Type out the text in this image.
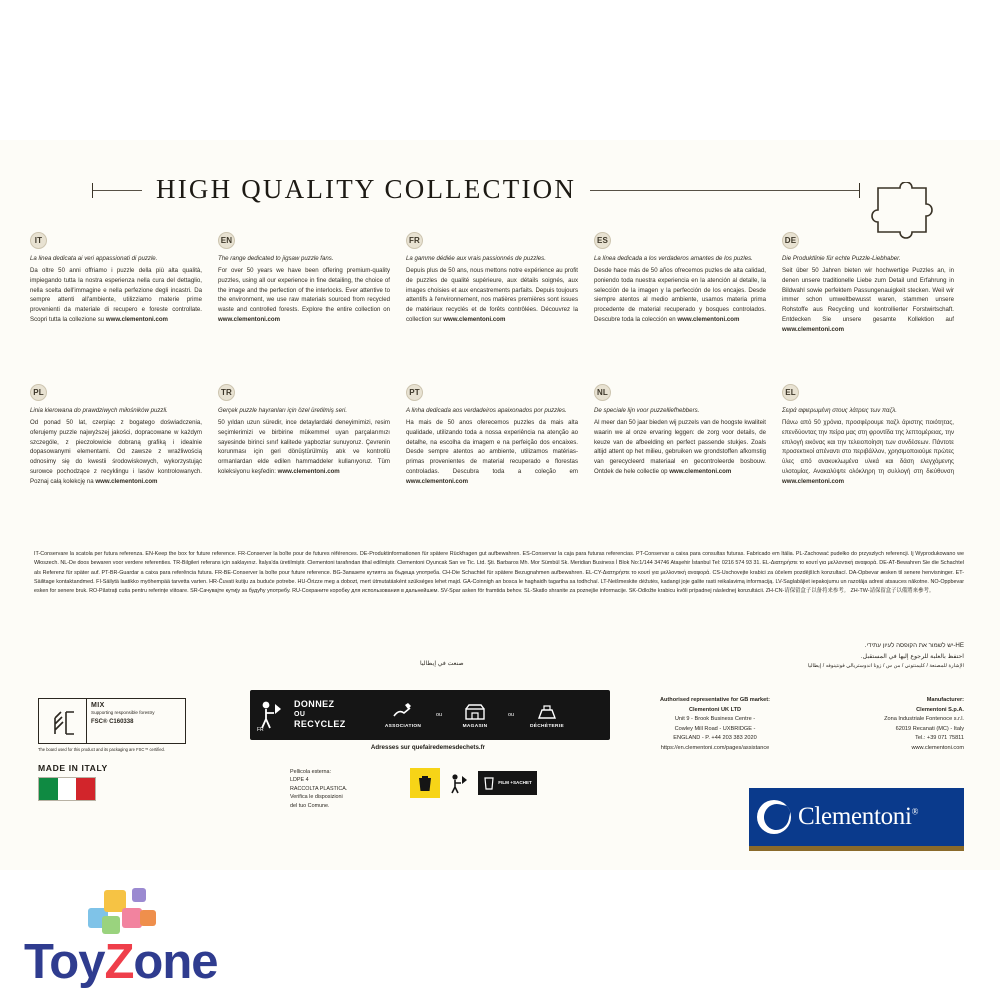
HIGH QUALITY COLLECTION
IT
La linea dedicata ai veri appassionati di puzzle.
Da oltre 50 anni offriamo i puzzle della più alta qualità, impiegando tutta la nostra esperienza nella cura del dettaglio, nella scelta dell'immagine e nella perfezione degli incastri. Da sempre attenti all'ambiente, utilizziamo materie prime provenienti da materiale di recupero e foreste controllate. Scopri tutta la collezione su www.clementoni.com
EN
The range dedicated to jigsaw puzzle fans.
For over 50 years we have been offering premium-quality puzzles, using all our experience in fine detailing, the choice of the image and the perfection of the interlocks. Ever attentive to the environment, we use raw materials sourced from recycled waste and controlled forests. Explore the entire collection on www.clementoni.com
FR
La gamme dédiée aux vrais passionnés de puzzles.
Depuis plus de 50 ans, nous mettons notre expérience au profit de puzzles de qualité supérieure, aux détails soignés, aux images choisies et aux encastrements parfaits. Depuis toujours attentifs à l'environnement, nos matières premières sont issues de matériaux recyclés et de forêts contrôlées. Découvrez la collection sur www.clementoni.com
ES
La línea dedicada a los verdaderos amantes de los puzles.
Desde hace más de 50 años ofrecemos puzles de alta calidad, poniendo toda nuestra experiencia en la atención al detalle, la selección de la imagen y la perfección de los encajes. Desde siempre atentos al medio ambiente, usamos materia prima procedente de material recuperado y bosques controlados. Descubre toda la colección en www.clementoni.com
DE
Die Produktlinie für echte Puzzle-Liebhaber.
Seit über 50 Jahren bieten wir hochwertige Puzzles an, in denen unsere traditionelle Liebe zum Detail und Erfahrung in Bildwahl sowie perfektem Passungenauigkeit stecken. Weil wir immer schon umweltbewusst waren, stammen unsere Rohstoffe aus Recycling und kontrollierter Forstwirtschaft. Entdecken Sie unsere gesamte Kollektion auf www.clementoni.com
PL
Linia kierowana do prawdziwych miłośników puzzli.
Od ponad 50 lat, czerpiąc z bogatego doświadczenia, oferujemy puzzle najwyższej jakości, dopracowane w każdym szczególe, z pieczołowicie dobraną grafiką i idealnie dopasowanymi elementami. Od zawsze z wrażliwością odnosimy się do kwestii środowiskowych, wykorzystując surowce pochodzące z recyklingu i lasów kontrolowanych. Poznaj całą kolekcję na www.clementoni.com
TR
Gerçek puzzle hayranları için özel üretilmiş seri.
50 yıldan uzun süredir, ince detaylardaki deneyimimizi, resim seçimlerimizi ve birbirine mükemmel uyan parçalarımızı sayesinde birinci sınıf kalitede yapbozlar sunuyoruz. Çevrenin korunması için geri dönüştürülmüş atık ve kontrollü ormanlardan elde edilen hammaddeler kullanıyoruz. Tüm koleksiyonu keşfedin: www.clementoni.com
PT
A linha dedicada aos verdadeiros apaixonados por puzzles.
Ha mais de 50 anos oferecemos puzzles da mais alta qualidade, utilizando toda a nossa experiência na atenção ao detalhe, na escolha da imagem e na perfeição dos encaixes. Desde sempre atentos ao ambiente, utilizamos matérias-primas provenientes de material recuperado e florestas controladas. Descubra toda a coleção em www.clementoni.com
NL
De speciale lijn voor puzzelliefhebbers.
Al meer dan 50 jaar bieden wij puzzels van de hoogste kwaliteit waarin we al onze ervaring leggen: de zorg voor details, de keuze van de afbeelding en perfect passende stukjes. Zoals altijd attent op het milieu, gebruiken we grondstoffen afkomstig van gerecycleerd materiaal en gecontroleerde bosbouw. Ontdek de hele collectie op www.clementoni.com
EL
Σειρά αφιερωμένη στους λάτρεις των παζλ.
Πάνω από 50 χρόνια, προσφέρουμε παζλ άριστης ποιότητας, επενδύοντας την πείρα μας στη φροντίδα της λεπτομέρειας, την επιλογή εικόνας και την τελειοποίηση των συνδέσεων. Πάντοτε προσεκτικοί απέναντι στο περιβάλλον, χρησιμοποιούμε πρώτες ύλες από ανακυκλωμένα υλικά και δάση ελεγχόμενης υλοτομίας. Ανακαλύψτε ολόκληρη τη συλλογή στη διεύθυνση www.clementoni.com
IT-Conservare la scatola per futura referenza. EN-Keep the box for future reference. FR-Conserver la boîte pour de futures références. DE-Produktinformationen für spätere Rückfragen gut aufbewahren. ES-Conservar la caja para futuras referencias. PT-Conservar a caixa para consultas futuras. Fabricado em Itália. PL-Zachować pudełko do przyszłych referencji. Ij Wyprodukowano we Włoszech. NL-De doos bewaren voor verdere referenties. TR-Bilgileri referans için saklayınız. İtalya'da üretilmiştir. Clementoni tarafından ithal edilmiştir. Clementoni Oyuncak San ve Tic. Ltd. Şti. Barbaros Mh. Mor Sümbül Sk. Meridian Business İ Blok No:1/144 34746 Ataşehir İstanbul Tel: 0216 574 93 31. EL-Διατηρήστε το κουτί για μελλοντική αναφορά. DE-AT-Bewahren Sie die Schachtel als Referenz für später auf. PT-BR-Guardar a caixa para referência futura. FR-BE-Conserver la boîte pour future reference. BG-Запазете кутията за бъдеща употреба. CH-Die Schachtel für spätere Bezugnahmen aufbewahren. EL-CY-Διατηρήστε το κουτί για μελλοντική αναφορά. CS-Uschovejte krabici za účelem pozdějších konzultací. DA-Opbevar æsken til senere henvisninger. ET-Säilitage kontaktandmed. FI-Säilytä laatikko myöhempää tarvetta varten. HR-Čuvati kutiju za buduće potrebe. HU-Őrizze meg a dobozt, mert útmutatásként szükséges lehet majd. GA-Coinnigh an bosca le haghaidh tagartha sa todhchaí. LT-Neišmeskite dėžutės, kadangi joje galite rasti reikalavimą informaciją. LV-Saglabājiet iepakojumu un razotāja adresi atsauces nākotne. NO-Oppbevar esken for senere bruk. RO-Păstrați cutia pentru referințe viitoare. SR-Сачувајте кутију за будућу употребу. RU-Сохраните коробку для использования в дальнейшем. SV-Spar asken för framtida behov. SL-Skatlo shranite za poznejše informacije. SK-Odložte krabicu kvôli prípadnej následnej konzultácii. ZH-CN-请保留盒子以备将来参考。 ZH-TW-請保留盒子以備將來參考。
HE-יש לשמור את הקופסה לעיון עתידי.
احتفظ بالعلبة للرجوع إليها في المستقبل.
الإشارة للمصنعة / كليمنتوني / من س / زونا اندوستريالي فونتينوفه / إيطاليا
صنعت في إيطاليا
MIX
Supporting responsible forestry
FSC® C160338
The board used for this product and its packaging are FSC™ certified.
MADE IN ITALY
FR
DONNEZ
OU
RECYCLEZ	ASSOCIATION
ou
MAGASIN
ou
DÉCHÈTERIE
Adresses sur quefairedemesdechets.fr
Pellicola esterna:
LDPE 4
RACCOLTA PLASTICA.
Verifica le disposizioni
del tuo Comune.
FILM +SACHET
Authorised representative for GB market:
Clementoni UK LTD
Unit 9 - Brook Business Centre -
Cowley Mill Road - UXBRIDGE -
ENGLAND - P. +44 203 383 2020
https://en.clementoni.com/pages/assistance
Manufacturer:
Clementoni S.p.A.
Zona Industriale Fontenoce s.r.l.
62019 Recanati (MC) - Italy
Tel.: +39 071 75811
www.clementoni.com
Clementoni®
ToyZone
